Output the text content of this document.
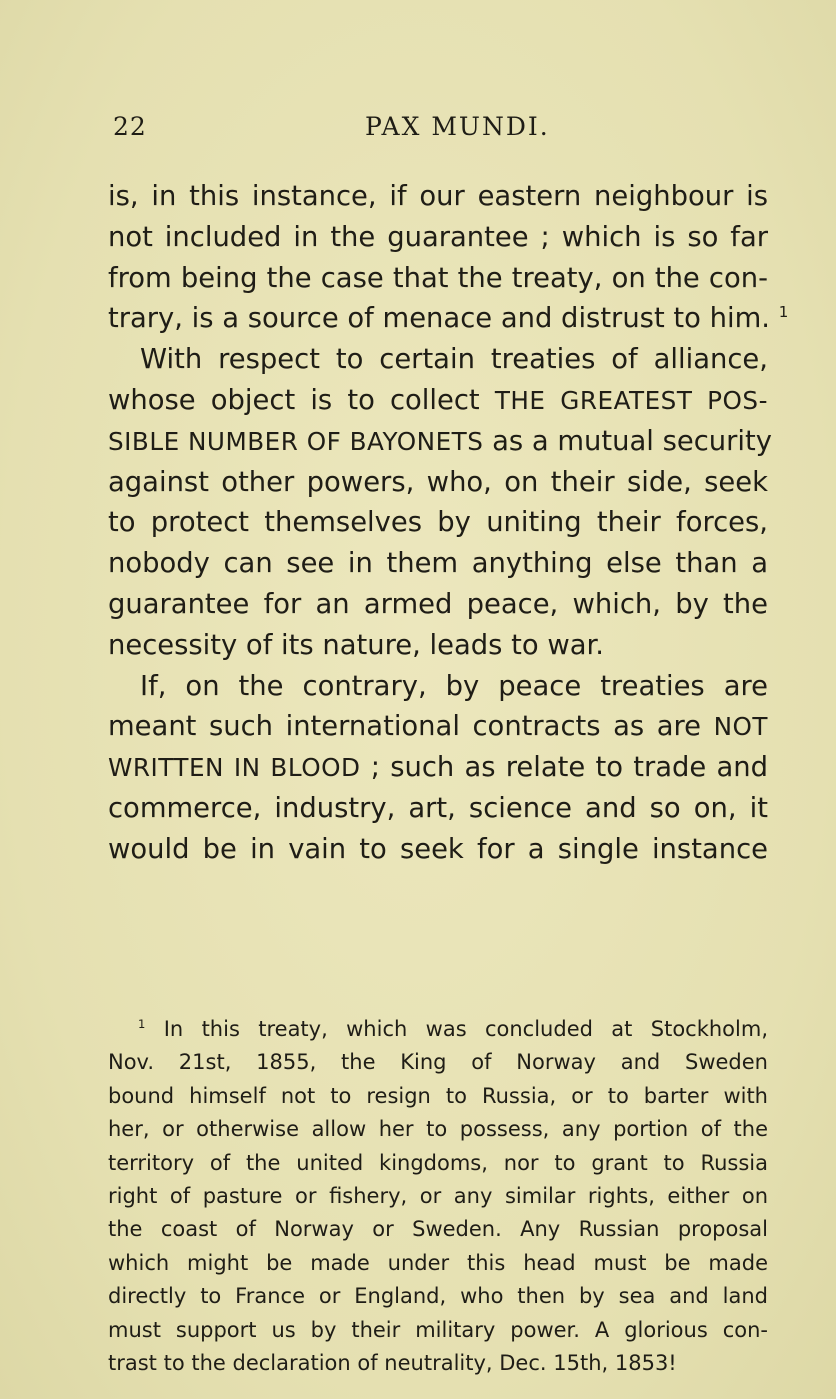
22	PAX MUNDI.
is, in this instance, if our eastern neighbour is
not included in the guarantee ; which is so far
from being the case that the treaty, on the con-
trary, is a source of menace and distrust to him. $^1$
With respect to certain treaties of alliance,
whose object is to collect THE GREATEST POS-
SIBLE NUMBER OF BAYONETS as a mutual security
against other powers, who, on their side, seek
to protect themselves by uniting their forces,
nobody can see in them anything else than a
guarantee for an armed peace, which, by the
necessity of its nature, leads to war.
If, on the contrary, by peace treaties are
meant such international contracts as are NOT
WRITTEN IN BLOOD ; such as relate to trade and
commerce, industry, art, science and so on, it
would be in vain to seek for a single instance
$^1$ In this treaty, which was concluded at Stockholm,
Nov. 21st, 1855, the King of Norway and Sweden
bound himself not to resign to Russia, or to barter with
her, or otherwise allow her to possess, any portion of the
territory of the united kingdoms, nor to grant to Russia
right of pasture or fishery, or any similar rights, either on
the coast of Norway or Sweden. Any Russian proposal
which might be made under this head must be made
directly to France or England, who then by sea and land
must support us by their military power. A glorious con-
trast to the declaration of neutrality, Dec. 15th, 1853!
